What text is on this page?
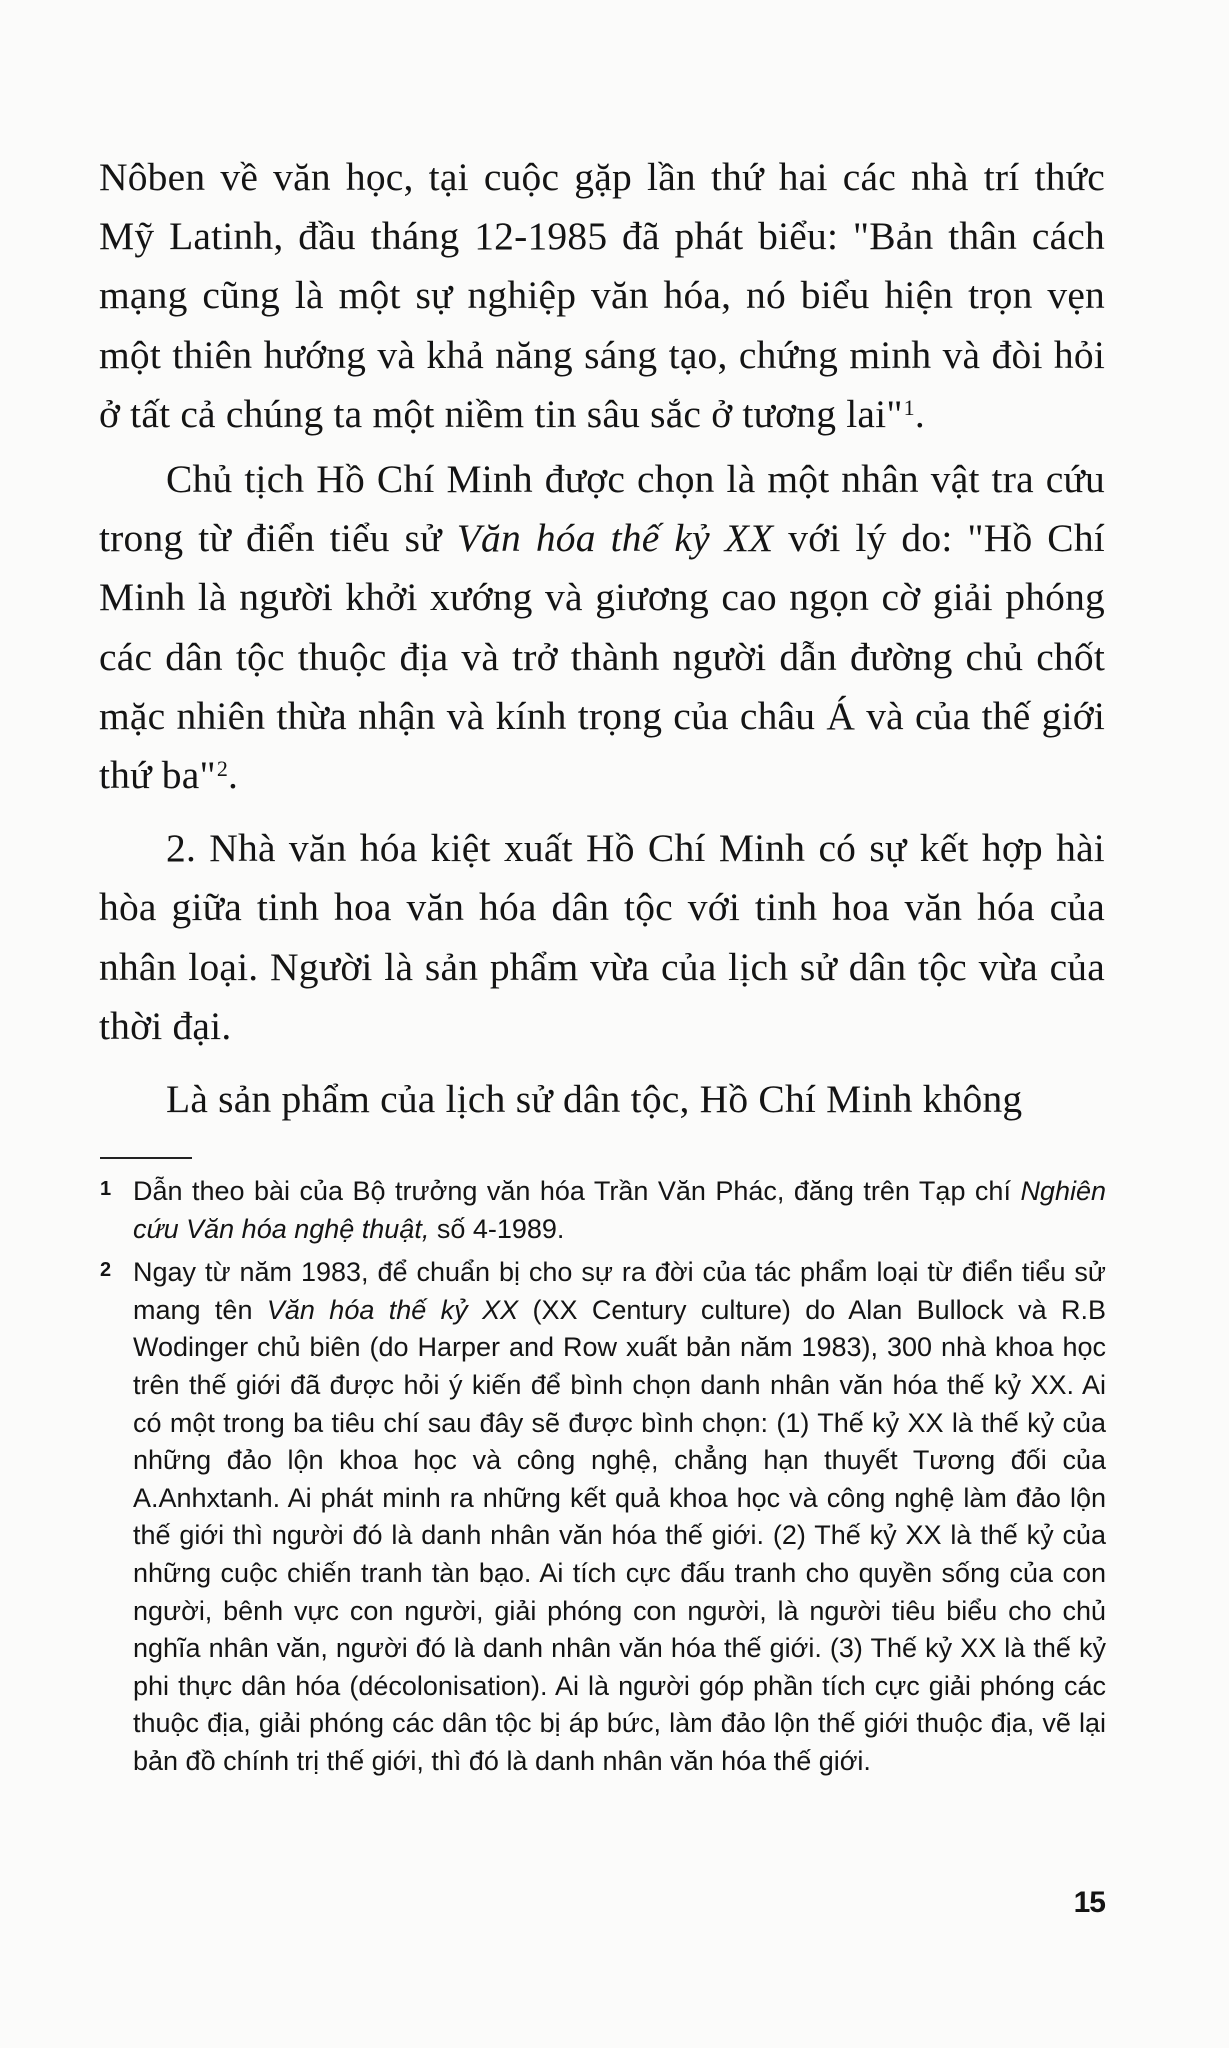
Nôben về văn học, tại cuộc gặp lần thứ hai các nhà trí thức Mỹ Latinh, đầu tháng 12-1985 đã phát biểu: "Bản thân cách mạng cũng là một sự nghiệp văn hóa, nó biểu hiện trọn vẹn một thiên hướng và khả năng sáng tạo, chứng minh và đòi hỏi ở tất cả chúng ta một niềm tin sâu sắc ở tương lai"$^1$.

Chủ tịch Hồ Chí Minh được chọn là một nhân vật tra cứu trong từ điển tiểu sử Văn hóa thế kỷ XX với lý do: "Hồ Chí Minh là người khởi xướng và giương cao ngọn cờ giải phóng các dân tộc thuộc địa và trở thành người dẫn đường chủ chốt mặc nhiên thừa nhận và kính trọng của châu Á và của thế giới thứ ba"$^2$.

2. Nhà văn hóa kiệt xuất Hồ Chí Minh có sự kết hợp hài hòa giữa tinh hoa văn hóa dân tộc với tinh hoa văn hóa của nhân loại. Người là sản phẩm vừa của lịch sử dân tộc vừa của thời đại.

Là sản phẩm của lịch sử dân tộc, Hồ Chí Minh không

1 Dẫn theo bài của Bộ trưởng văn hóa Trần Văn Phác, đăng trên Tạp chí Nghiên cứu Văn hóa nghệ thuật, số 4-1989.
2 Ngay từ năm 1983, để chuẩn bị cho sự ra đời của tác phẩm loại từ điển tiểu sử mang tên Văn hóa thế kỷ XX (XX Century culture) do Alan Bullock và R.B Wodinger chủ biên (do Harper and Row xuất bản năm 1983), 300 nhà khoa học trên thế giới đã được hỏi ý kiến để bình chọn danh nhân văn hóa thế kỷ XX. Ai có một trong ba tiêu chí sau đây sẽ được bình chọn: (1) Thế kỷ XX là thế kỷ của những đảo lộn khoa học và công nghệ, chẳng hạn thuyết Tương đối của A.Anhxtanh. Ai phát minh ra những kết quả khoa học và công nghệ làm đảo lộn thế giới thì người đó là danh nhân văn hóa thế giới. (2) Thế kỷ XX là thế kỷ của những cuộc chiến tranh tàn bạo. Ai tích cực đấu tranh cho quyền sống của con người, bênh vực con người, giải phóng con người, là người tiêu biểu cho chủ nghĩa nhân văn, người đó là danh nhân văn hóa thế giới. (3) Thế kỷ XX là thế kỷ phi thực dân hóa (décolonisation). Ai là người góp phần tích cực giải phóng các thuộc địa, giải phóng các dân tộc bị áp bức, làm đảo lộn thế giới thuộc địa, vẽ lại bản đồ chính trị thế giới, thì đó là danh nhân văn hóa thế giới.
15
